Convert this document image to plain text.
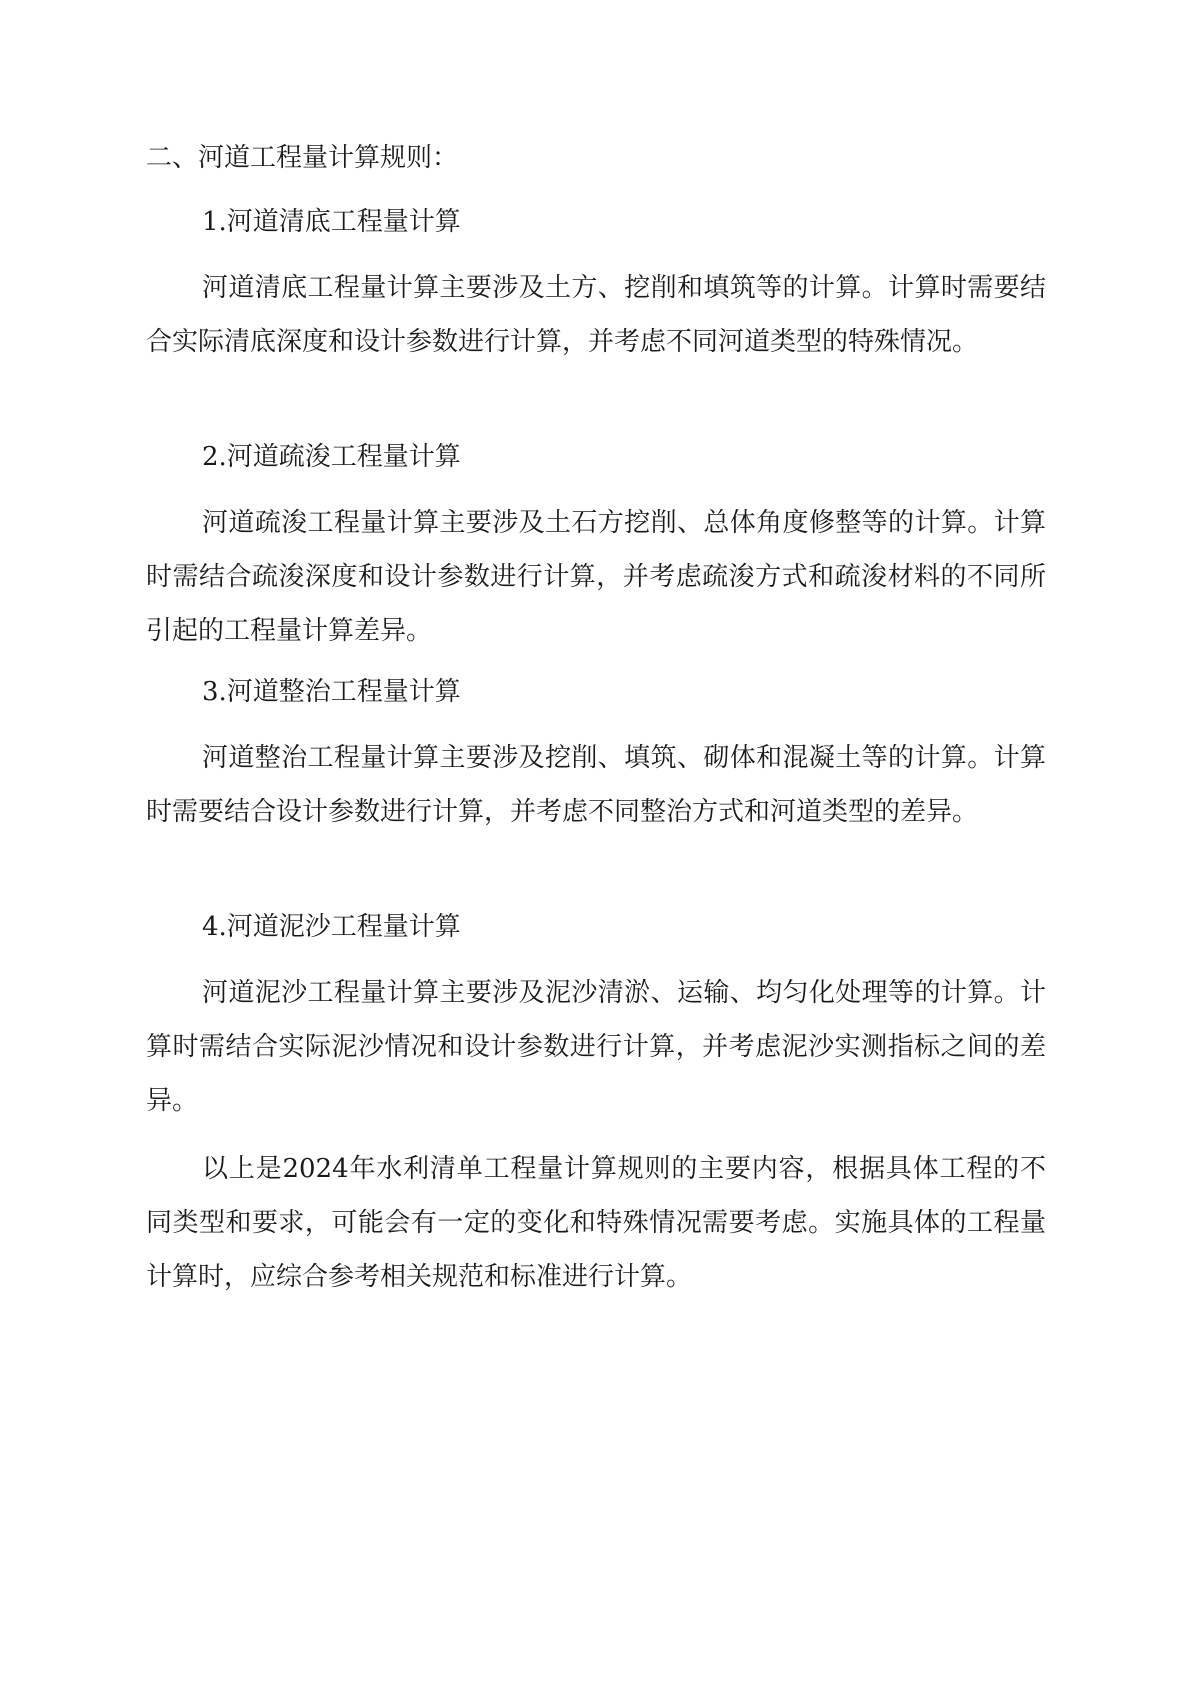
二、河道工程量计算规则：
1.河道清底工程量计算

河道清底工程量计算主要涉及土方、挖削和填筑等的计算。计算时需要结合实际清底深度和设计参数进行计算，并考虑不同河道类型的特殊情况。

2.河道疏浚工程量计算

河道疏浚工程量计算主要涉及土石方挖削、总体角度修整等的计算。计算时需结合疏浚深度和设计参数进行计算，并考虑疏浚方式和疏浚材料的不同所引起的工程量计算差异。

3.河道整治工程量计算

河道整治工程量计算主要涉及挖削、填筑、砌体和混凝土等的计算。计算时需要结合设计参数进行计算，并考虑不同整治方式和河道类型的差异。

4.河道泥沙工程量计算

河道泥沙工程量计算主要涉及泥沙清淤、运输、均匀化处理等的计算。计算时需结合实际泥沙情况和设计参数进行计算，并考虑泥沙实测指标之间的差异。

以上是2024年水利清单工程量计算规则的主要内容，根据具体工程的不同类型和要求，可能会有一定的变化和特殊情况需要考虑。实施具体的工程量计算时，应综合参考相关规范和标准进行计算。
